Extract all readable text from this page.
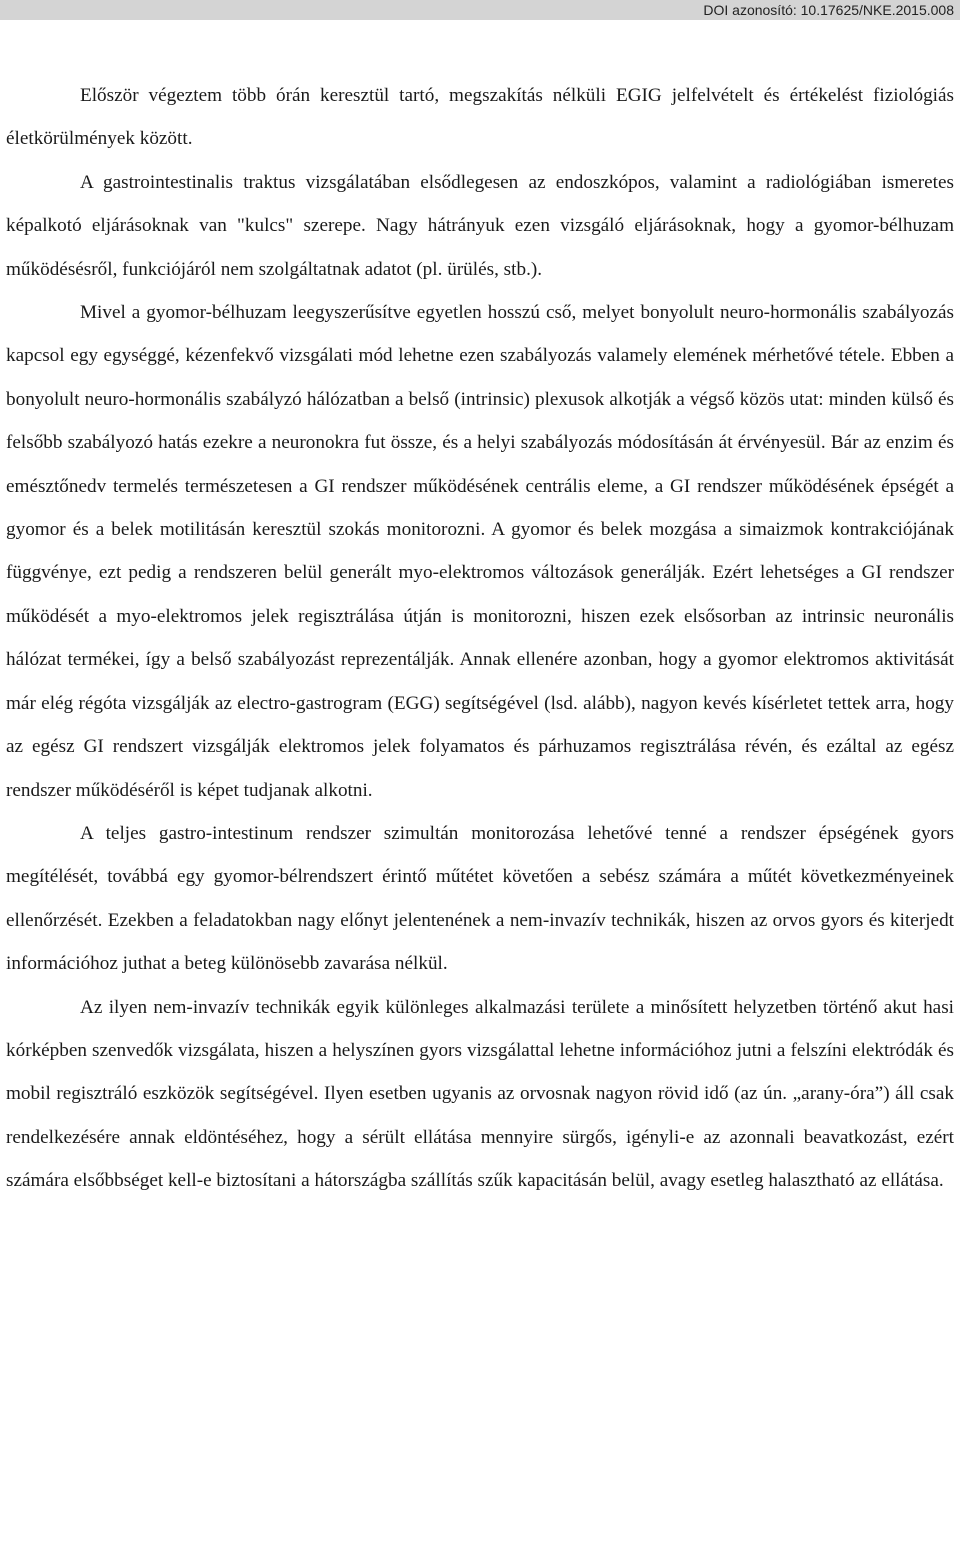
DOI azonosító: 10.17625/NKE.2015.008

Először végeztem több órán keresztül tartó, megszakítás nélküli EGIG jelfelvételt és értékelést fiziológiás életkörülmények között.

A gastrointestinalis traktus vizsgálatában elsődlegesen az endoszkópos, valamint a radiológiában ismeretes képalkotó eljárásoknak van "kulcs" szerepe. Nagy hátrányuk ezen vizsgáló eljárásoknak, hogy a gyomor-bélhuzam működésésről, funkciójáról nem szolgáltatnak adatot (pl. ürülés, stb.).

Mivel a gyomor-bélhuzam leegyszerűsítve egyetlen hosszú cső, melyet bonyolult neuro-hormonális szabályozás kapcsol egy egységgé, kézenfekvő vizsgálati mód lehetne ezen szabályozás valamely elemének mérhetővé tétele. Ebben a bonyolult neuro-hormonális szabályzó hálózatban a belső (intrinsic) plexusok alkotják a végső közös utat: minden külső és felsőbb szabályozó hatás ezekre a neuronokra fut össze, és a helyi szabályozás módosításán át érvényesül. Bár az enzim és emésztőnedv termelés természetesen a GI rendszer működésének centrális eleme, a GI rendszer működésének épségét a gyomor és a belek motilitásán keresztül szokás monitorozni. A gyomor és belek mozgása a simaizmok kontrakciójának függvénye, ezt pedig a rendszeren belül generált myo-elektromos változások generálják. Ezért lehetséges a GI rendszer működését a myo-elektromos jelek regisztrálása útján is monitorozni, hiszen ezek elsősorban az intrinsic neuronális hálózat termékei, így a belső szabályozást reprezentálják. Annak ellenére azonban, hogy a gyomor elektromos aktivitását már elég régóta vizsgálják az electro-gastrogram (EGG) segítségével (lsd. alább), nagyon kevés kísérletet tettek arra, hogy az egész GI rendszert vizsgálják elektromos jelek folyamatos és párhuzamos regisztrálása révén, és ezáltal az egész rendszer működéséről is képet tudjanak alkotni.

A teljes gastro-intestinum rendszer szimultán monitorozása lehetővé tenné a rendszer épségének gyors megítélését, továbbá egy gyomor-bélrendszert érintő műtétet követően a sebész számára a műtét következményeinek ellenőrzését. Ezekben a feladatokban nagy előnyt jelentenének a nem-invazív technikák, hiszen az orvos gyors és kiterjedt információhoz juthat a beteg különösebb zavarása nélkül.

Az ilyen nem-invazív technikák egyik különleges alkalmazási területe a minősített helyzetben történő akut hasi kórképben szenvedők vizsgálata, hiszen a helyszínen gyors vizsgálattal lehetne információhoz jutni a felszíni elektródák és mobil regisztráló eszközök segítségével. Ilyen esetben ugyanis az orvosnak nagyon rövid idő (az ún. „arany-óra”) áll csak rendelkezésére annak eldöntéséhez, hogy a sérült ellátása mennyire sürgős, igényli-e az azonnali beavatkozást, ezért számára elsőbbséget kell-e biztosítani a hátországba szállítás szűk kapacitásán belül, avagy esetleg halasztható az ellátása.
